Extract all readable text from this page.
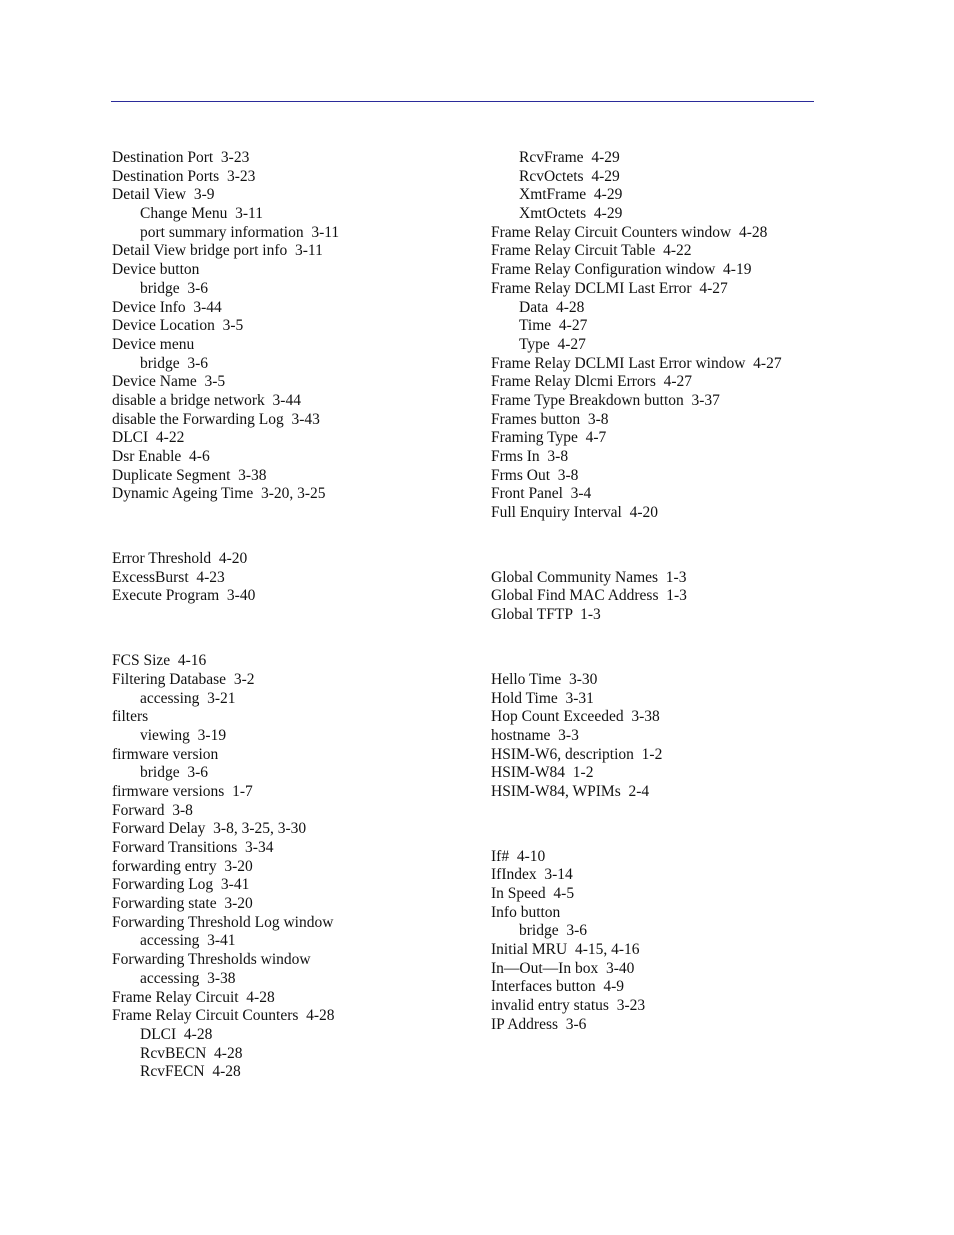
Destination Port  3-23
Destination Ports  3-23
Detail View  3-9
Change Menu  3-11
port summary information  3-11
Detail View bridge port info  3-11
Device button
bridge  3-6
Device Info  3-44
Device Location  3-5
Device menu
bridge  3-6
Device Name  3-5
disable a bridge network  3-44
disable the Forwarding Log  3-43
DLCI  4-22
Dsr Enable  4-6
Duplicate Segment  3-38
Dynamic Ageing Time  3-20, 3-25
Error Threshold  4-20
ExcessBurst  4-23
Execute Program  3-40
FCS Size  4-16
Filtering Database  3-2
accessing  3-21
filters
viewing  3-19
firmware version
bridge  3-6
firmware versions  1-7
Forward  3-8
Forward Delay  3-8, 3-25, 3-30
Forward Transitions  3-34
forwarding entry  3-20
Forwarding Log  3-41
Forwarding state  3-20
Forwarding Threshold Log window
accessing  3-41
Forwarding Thresholds window
accessing  3-38
Frame Relay Circuit  4-28
Frame Relay Circuit Counters  4-28
DLCI  4-28
RcvBECN  4-28
RcvFECN  4-28
RcvFrame  4-29
RcvOctets  4-29
XmtFrame  4-29
XmtOctets  4-29
Frame Relay Circuit Counters window  4-28
Frame Relay Circuit Table  4-22
Frame Relay Configuration window  4-19
Frame Relay DCLMI Last Error  4-27
Data  4-28
Time  4-27
Type  4-27
Frame Relay DCLMI Last Error window  4-27
Frame Relay Dlcmi Errors  4-27
Frame Type Breakdown button  3-37
Frames button  3-8
Framing Type  4-7
Frms In  3-8
Frms Out  3-8
Front Panel  3-4
Full Enquiry Interval  4-20
Global Community Names  1-3
Global Find MAC Address  1-3
Global TFTP  1-3
Hello Time  3-30
Hold Time  3-31
Hop Count Exceeded  3-38
hostname  3-3
HSIM-W6, description  1-2
HSIM-W84  1-2
HSIM-W84, WPIMs  2-4
If#  4-10
IfIndex  3-14
In Speed  4-5
Info button
bridge  3-6
Initial MRU  4-15, 4-16
In—Out—In box  3-40
Interfaces button  4-9
invalid entry status  3-23
IP Address  3-6
